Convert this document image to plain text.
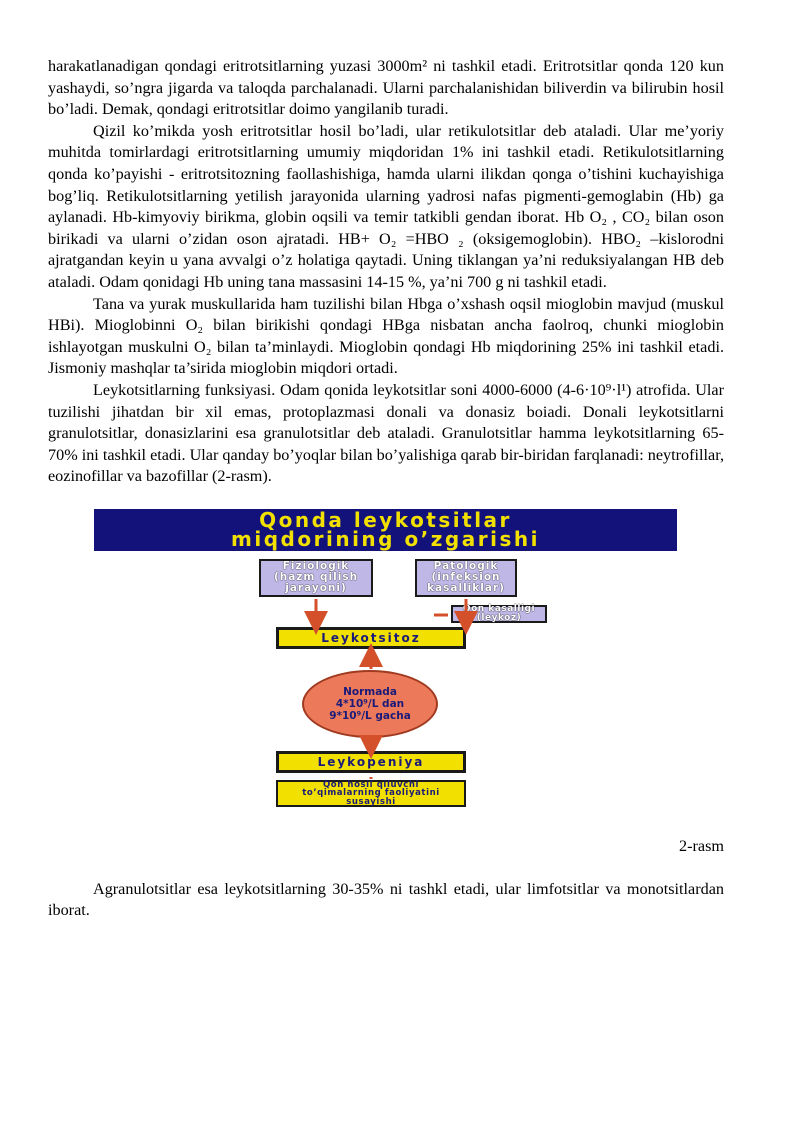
harakatlanadigan qondagi eritrotsitlarning yuzasi 3000m² ni tashkil etadi. Eritrotsitlar qonda 120 kun yashaydi, so’ngra jigarda va taloqda parchalanadi. Ularni parchalanishidan biliverdin va bilirubin hosil bo’ladi. Demak, qondagi eritrotsitlar doimo yangilanib turadi.

Qizil ko’mikda yosh eritrotsitlar hosil bo’ladi, ular retikulotsitlar deb ataladi. Ular me’yoriy muhitda tomirlardagi eritrotsitlarning umumiy miqdoridan 1% ini tashkil etadi. Retikulotsitlarning qonda ko’payishi - eritrotsitozning faollashishiga, hamda ularni ilikdan qonga o’tishini kuchayishiga bog’liq. Retikulotsitlarning yetilish jarayonida ularning yadrosi nafas pigmenti-gemoglabin (Hb) ga aylanadi. Hb-kimyoviy birikma, globin oqsili va temir tatkibli gendan iborat. Hb O₂ , CO₂ bilan oson birikadi va ularni o’zidan oson ajratadi. HB+ O₂ =HBO ₂ (oksigemoglobin). HBO₂ –kislorodni ajratgandan keyin u yana avvalgi o’z holatiga qaytadi. Uning tiklangan ya’ni reduksiyalangan HB deb ataladi. Odam qonidagi Hb uning tana massasini 14-15 %, ya’ni 700 g ni tashkil etadi.

Tana va yurak muskullarida ham tuzilishi bilan Hbga o’xshash oqsil mioglobin mavjud (muskul HBi). Mioglobinni O₂ bilan birikishi qondagi HBga nisbatan ancha faolroq, chunki mioglobin ishlayotgan muskulni O₂ bilan ta’minlaydi. Mioglobin qondagi Hb miqdorining 25% ini tashkil etadi. Jismoniy mashqlar ta’sirida mioglobin miqdori ortadi.

Leykotsitlarning funksiyasi. Odam qonida leykotsitlar soni 4000-6000 (4-6·10⁹·l¹) atrofida. Ular tuzilishi jihatdan bir xil emas, protoplazmasi donali va donasiz boiadi. Donali leykotsitlarni granulotsitlar, donasizlarini esa granulotsitlar deb ataladi. Granulotsitlar hamma leykotsitlarning 65-70% ini tashkil etadi. Ular qanday bo’yoqlar bilan bo’yalishiga qarab bir-biridan farqlanadi: neytrofillar, eozinofillar va bazofillar (2-rasm).

Qonda leykotsitlar
miqdorining o’zgarishi
Fiziologik
(hazm qilish
jarayoni)
Patologik
(infeksion
kasalliklar)
Qon kasalligi
(leykoz)
Leykotsitoz
Normada
4*10⁹/L dan
9*10⁹/L gacha
Leykopeniya
Qon hosil qiluvchi
to’qimalarning faoliyatini
susayishi
2-rasm

Agranulotsitlar esa leykotsitlarning 30-35% ni tashkl etadi, ular limfotsitlar va monotsitlardan iborat.
